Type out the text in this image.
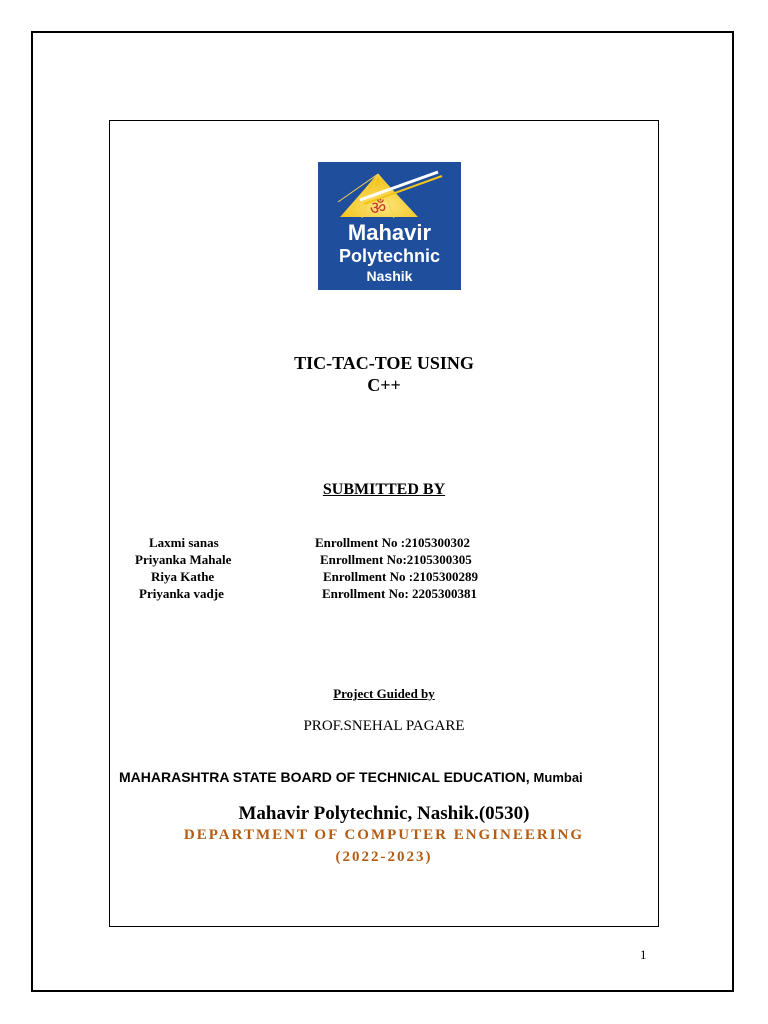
ॐ
Mahavir
Polytechnic
Nashik
TIC-TAC-TOE USING
C++
SUBMITTED BY
Laxmi sanas	Enrollment No :2105300302
Priyanka Mahale	Enrollment No:2105300305
Riya Kathe	Enrollment No :2105300289
Priyanka vadje	Enrollment No: 2205300381
Project Guided by
PROF.SNEHAL PAGARE
MAHARASHTRA STATE BOARD OF TECHNICAL EDUCATION, Mumbai
Mahavir Polytechnic, Nashik.(0530)
DEPARTMENT OF COMPUTER ENGINEERING
(2022-2023)
1
